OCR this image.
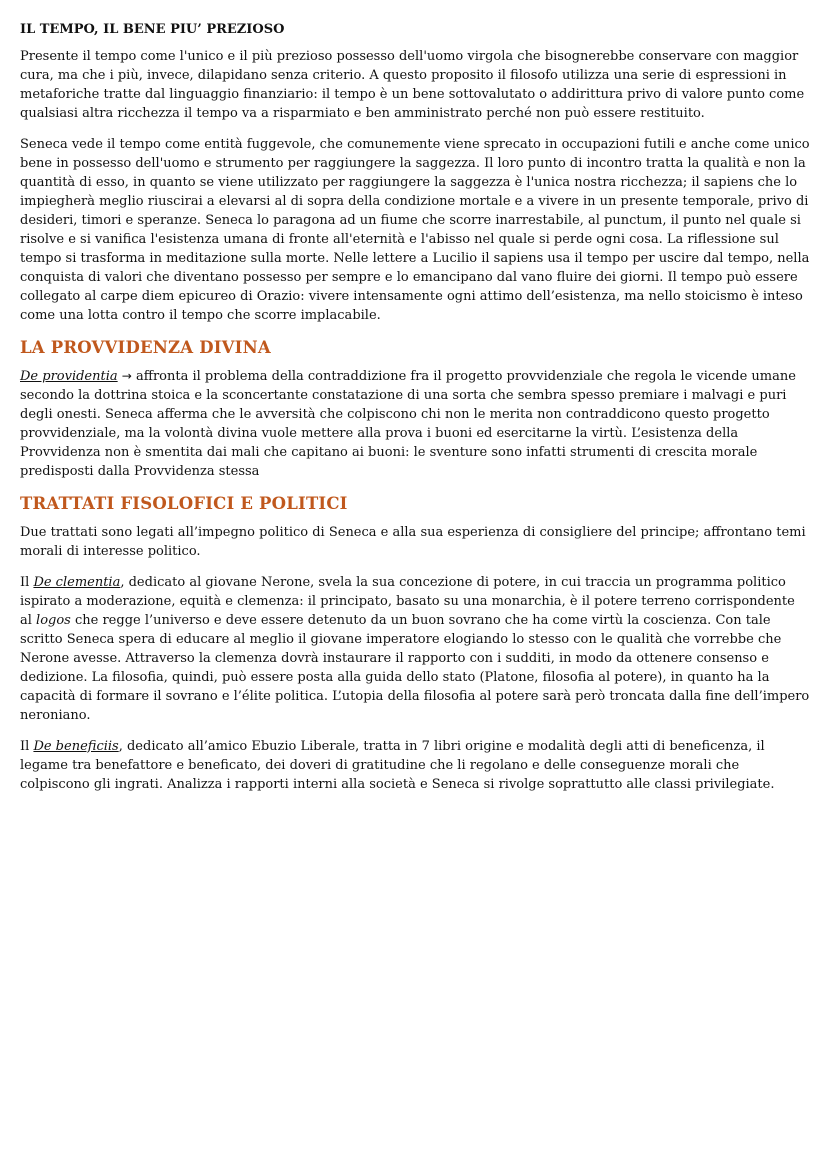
IL TEMPO, IL BENE PIU’ PREZIOSO

Presente il tempo come l'unico e il più prezioso possesso dell'uomo virgola che bisognerebbe conservare con maggior cura, ma che i più, invece, dilapidano senza criterio. A questo proposito il filosofo utilizza una serie di espressioni in metaforiche tratte dal linguaggio finanziario: il tempo è un bene sottovalutato o addirittura privo di valore punto come qualsiasi altra ricchezza il tempo va a risparmiato e ben amministrato perché non può essere restituito.

Seneca vede il tempo come entità fuggevole, che comunemente viene sprecato in occupazioni futili e anche come unico bene in possesso dell'uomo e strumento per raggiungere la saggezza. Il loro punto di incontro tratta la qualità e non la quantità di esso, in quanto se viene utilizzato per raggiungere la saggezza è l'unica nostra ricchezza; il sapiens che lo impiegherà meglio riuscirai a elevarsi al di sopra della condizione mortale e a vivere in un presente temporale, privo di desideri, timori e speranze. Seneca lo paragona ad un fiume che scorre inarrestabile, al punctum, il punto nel quale si risolve e si vanifica l'esistenza umana di fronte all'eternità e l'abisso nel quale si perde ogni cosa. La riflessione sul tempo si trasforma in meditazione sulla morte. Nelle lettere a Lucilio il sapiens usa il tempo per uscire dal tempo, nella conquista di valori che diventano possesso per sempre e lo emancipano dal vano fluire dei giorni. Il tempo può essere collegato al carpe diem epicureo di Orazio: vivere intensamente ogni attimo dell’esistenza, ma nello stoicismo è inteso come una lotta contro il tempo che scorre implacabile.

LA PROVVIDENZA DIVINA

De providentia → affronta il problema della contraddizione fra il progetto provvidenziale che regola le vicende umane secondo la dottrina stoica e la sconcertante constatazione di una sorta che sembra spesso premiare i malvagi e puri degli onesti. Seneca afferma che le avversità che colpiscono chi non le merita non contraddicono questo progetto provvidenziale, ma la volontà divina vuole mettere alla prova i buoni ed esercitarne la virtù. L’esistenza della Provvidenza non è smentita dai mali che capitano ai buoni: le sventure sono infatti strumenti di crescita morale predisposti dalla Provvidenza stessa

TRATTATI FISOLOFICI E POLITICI

Due trattati sono legati all’impegno politico di Seneca e alla sua esperienza di consigliere del principe; affrontano temi morali di interesse politico.

Il De clementia, dedicato al giovane Nerone, svela la sua concezione di potere, in cui traccia un programma politico ispirato a moderazione, equità e clemenza: il principato, basato su una monarchia, è il potere terreno corrispondente al logos che regge l’universo e deve essere detenuto da un buon sovrano che ha come virtù la coscienza. Con tale scritto Seneca spera di educare al meglio il giovane imperatore elogiando lo stesso con le qualità che vorrebbe che Nerone avesse. Attraverso la clemenza dovrà instaurare il rapporto con i sudditi, in modo da ottenere consenso e dedizione. La filosofia, quindi, può essere posta alla guida dello stato (Platone, filosofia al potere), in quanto ha la capacità di formare il sovrano e l’élite politica. L’utopia della filosofia al potere sarà però troncata dalla fine dell’impero neroniano.

Il De beneficiis, dedicato all’amico Ebuzio Liberale, tratta in 7 libri origine e modalità degli atti di beneficenza, il legame tra benefattore e beneficato, dei doveri di gratitudine che li regolano e delle conseguenze morali che colpiscono gli ingrati. Analizza i rapporti interni alla società e Seneca si rivolge soprattutto alle classi privilegiate.
